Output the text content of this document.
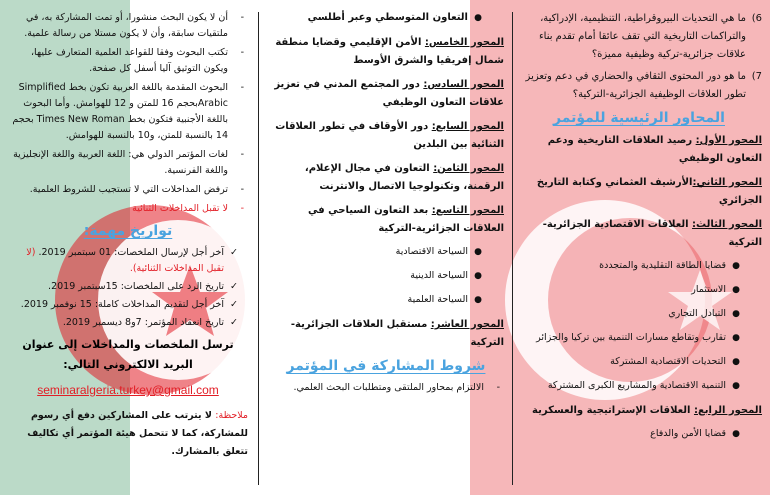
6)
ما هي التحديات البيروقراطية، التنظيمية، الإدراكية، والتراكمات التاريخية التي تقف عائقا أمام تقدم بناء علاقات جزائرية-تركية وظيفية مميزة؟
7)
ما هو دور المحتوى الثقافي والحضاري في دعم وتعزيز تطور العلاقات الوظيفية الجزائرية-التركية؟
المحاور الرئيسية للمؤتمر
المحور الأول: رصيد العلاقات التاريخية ودعم التعاون الوظيفي
المحور الثاني:الأرشيف العثماني وكتابة التاريخ الجزائري
المحور الثالث: العلاقات الاقتصادية الجزائرية-التركية
●
قضايا الطاقة التقليدية والمتجددة
●
الاستثمار
●
التبادل التجاري
●
تقارب وتقاطع مسارات التنمية بين تركيا والجزائر
●
التحديات الاقتصادية المشتركة
●
التنمية الاقتصادية والمشاريع الكبرى المشتركة
المحور الرابع: العلاقات الإستراتيجية والعسكرية
●
قضايا الأمن والدفاع
●
التعاون المتوسطي وعبر أطلسي
المحور الخامس: الأمن الإقليمي وقضايا منطقة شمال إفريقيا والشرق الأوسط
المحور السادس: دور المجتمع المدني في تعزيز علاقات التعاون الوظيفي
المحور السابع: دور الأوقاف في تطور العلاقات الثنائية بين البلدين
المحور الثامن: التعاون في مجال الإعلام، الرقمنة، وتكنولوجيا الاتصال والانترنت
المحور التاسع: بعد التعاون السياحي في العلاقات الجزائرية-التركية
●
السياحة الاقتصادية
●
السياحة الدينية
●
السياحة العلمية
المحور العاشر: مستقبل العلاقات الجزائرية-التركية
شروط المشاركة في المؤتمر
-
الالتزام بمحاور الملتقى ومتطلبات البحث العلمي.
-
أن لا يكون البحث منشورا، أو تمت المشاركة به، في ملتقيات سابقة، وأن لا يكون مستلا من رسالة علمية.
-
تكتب البحوث وفقا للقواعد العلمية المتعارف عليها، ويكون التوثيق آليا أسفل كل صفحة.
-
البحوث المقدمة باللغة العربية تكون بخط Simplified Arabicبحجم 16 للمتن و 12 للهوامش. وأما البحوث باللغة الأجنبية فتكون بخط Times New Roman بحجم 14 بالنسبة للمتن، و10 بالنسبة للهوامش.
-
لغات المؤتمر الدولي هي: اللغة العربية واللغة الإنجليزية واللغة الفرنسية.
-
ترفض المداخلات التي لا تستجيب للشروط العلمية.
-
لا تقبل المداخلات الثنائية
تواريخ مهمة:
✓
آخر أجل لإرسال الملخصات: 01 سبتمبر 2019. (لا تقبل المداخلات الثنائية).
✓
تاريخ الرد على الملخصات: 15سبتمبر 2019.
✓
آخر أجل لتقديم المداخلات كاملة: 15 نوفمبر 2019.
✓
تاريخ انعقاد المؤتمر: 7و8 ديسمبر 2019.
ترسل الملخصات والمداخلات إلى عنوان البريد الالكتروني التالي:
seminaralgeria.turkey@gmail.com
ملاحظة: لا يترتب على المشاركين دفع أي رسوم للمشاركة، كما لا تتحمل هيئة المؤتمر أي تكاليف تتعلق بالمشارك.
